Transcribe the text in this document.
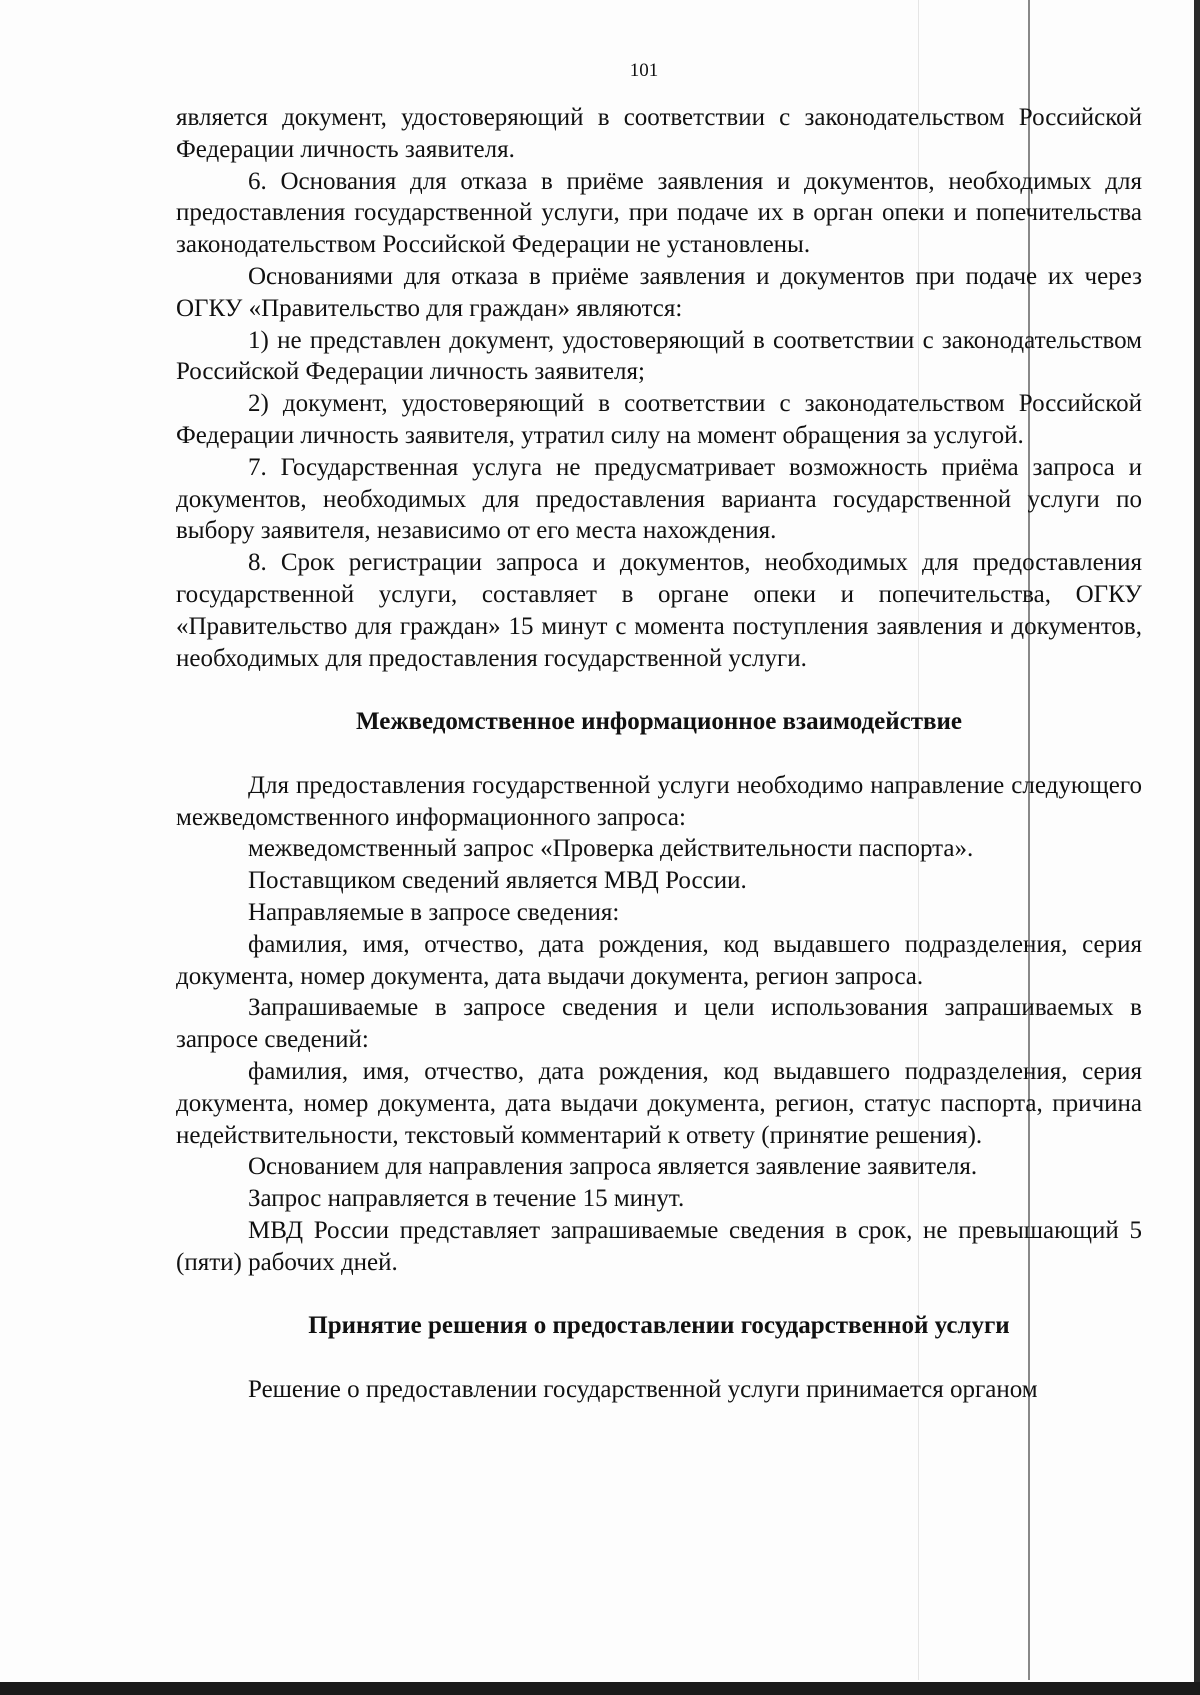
101

является документ, удостоверяющий в соответствии с законодательством Российской Федерации личность заявителя.

6. Основания для отказа в приёме заявления и документов, необходимых для предоставления государственной услуги, при подаче их в орган опеки и попечительства законодательством Российской Федерации не установлены.

Основаниями для отказа в приёме заявления и документов при подаче их через ОГКУ «Правительство для граждан» являются:

1) не представлен документ, удостоверяющий в соответствии с законодательством Российской Федерации личность заявителя;

2) документ, удостоверяющий в соответствии с законодательством Российской Федерации личность заявителя, утратил силу на момент обращения за услугой.

7. Государственная услуга не предусматривает возможность приёма запроса и документов, необходимых для предоставления варианта государственной услуги по выбору заявителя, независимо от его места нахождения.

8. Срок регистрации запроса и документов, необходимых для предоставления государственной услуги, составляет в органе опеки и попечительства, ОГКУ «Правительство для граждан» 15 минут с момента поступления заявления и документов, необходимых для предоставления государственной услуги.

Межведомственное информационное взаимодействие

Для предоставления государственной услуги необходимо направление следующего межведомственного информационного запроса:

межведомственный запрос «Проверка действительности паспорта».

Поставщиком сведений является МВД России.

Направляемые в запросе сведения:

фамилия, имя, отчество, дата рождения, код выдавшего подразделения, серия документа, номер документа, дата выдачи документа, регион запроса.

Запрашиваемые в запросе сведения и цели использования запрашиваемых в запросе сведений:

фамилия, имя, отчество, дата рождения, код выдавшего подразделения, серия документа, номер документа, дата выдачи документа, регион, статус паспорта, причина недействительности, текстовый комментарий к ответу (принятие решения).

Основанием для направления запроса является заявление заявителя.

Запрос направляется в течение 15 минут.

МВД России представляет запрашиваемые сведения в срок, не превышающий 5 (пяти) рабочих дней.

Принятие решения о предоставлении государственной услуги

Решение о предоставлении государственной услуги принимается органом
